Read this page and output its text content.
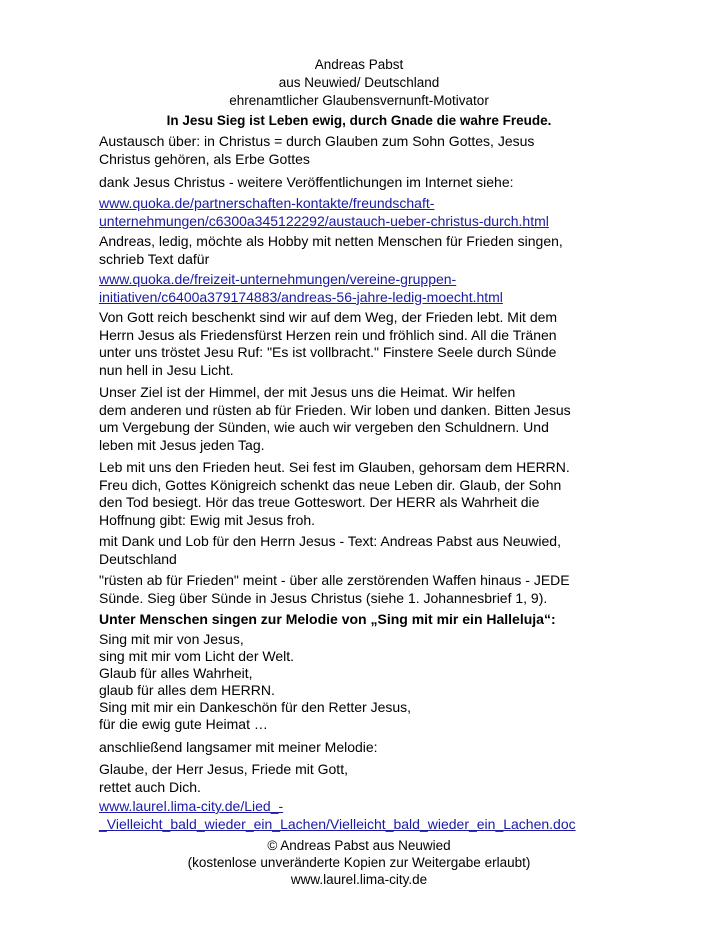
Andreas Pabst
aus Neuwied/ Deutschland
ehrenamtlicher Glaubensvernunft-Motivator
In Jesu Sieg ist Leben ewig, durch Gnade die wahre Freude.
Austausch über: in Christus = durch Glauben zum Sohn Gottes, Jesus
Christus gehören, als Erbe Gottes
dank Jesus Christus - weitere Veröffentlichungen im Internet siehe:
www.quoka.de/partnerschaften-kontakte/freundschaft-
unternehmungen/c6300a345122292/austauch-ueber-christus-durch.html
Andreas, ledig, möchte als Hobby mit netten Menschen für Frieden singen,
schrieb Text dafür
www.quoka.de/freizeit-unternehmungen/vereine-gruppen-
initiativen/c6400a379174883/andreas-56-jahre-ledig-moecht.html
Von Gott reich beschenkt sind wir auf dem Weg, der Frieden lebt. Mit dem
Herrn Jesus als Friedensfürst Herzen rein und fröhlich sind. All die Tränen
unter uns tröstet Jesu Ruf: "Es ist vollbracht." Finstere Seele durch Sünde
nun hell in Jesu Licht.
Unser Ziel ist der Himmel, der mit Jesus uns die Heimat. Wir helfen
dem anderen und rüsten ab für Frieden. Wir loben und danken. Bitten Jesus
um Vergebung der Sünden, wie auch wir vergeben den Schuldnern. Und
leben mit Jesus jeden Tag.
Leb mit uns den Frieden heut. Sei fest im Glauben, gehorsam dem HERRN.
Freu dich, Gottes Königreich schenkt das neue Leben dir. Glaub, der Sohn
den Tod besiegt. Hör das treue Gotteswort. Der HERR als Wahrheit die
Hoffnung gibt: Ewig mit Jesus froh.
mit Dank und Lob für den Herrn Jesus - Text: Andreas Pabst aus Neuwied,
Deutschland
"rüsten ab für Frieden" meint - über alle zerstörenden Waffen hinaus - JEDE
Sünde. Sieg über Sünde in Jesus Christus (siehe 1. Johannesbrief 1, 9).
Unter Menschen singen zur Melodie von „Sing mit mir ein Halleluja“:
Sing mit mir von Jesus,
sing mit mir vom Licht der Welt.
Glaub für alles Wahrheit,
glaub für alles dem HERRN.
Sing mit mir ein Dankeschön für den Retter Jesus,
für die ewig gute Heimat …
anschließend langsamer mit meiner Melodie:
Glaube, der Herr Jesus, Friede mit Gott,
rettet auch Dich.
www.laurel.lima-city.de/Lied_-
_Vielleicht_bald_wieder_ein_Lachen/Vielleicht_bald_wieder_ein_Lachen.doc
© Andreas Pabst aus Neuwied
(kostenlose unveränderte Kopien zur Weitergabe erlaubt)
www.laurel.lima-city.de
